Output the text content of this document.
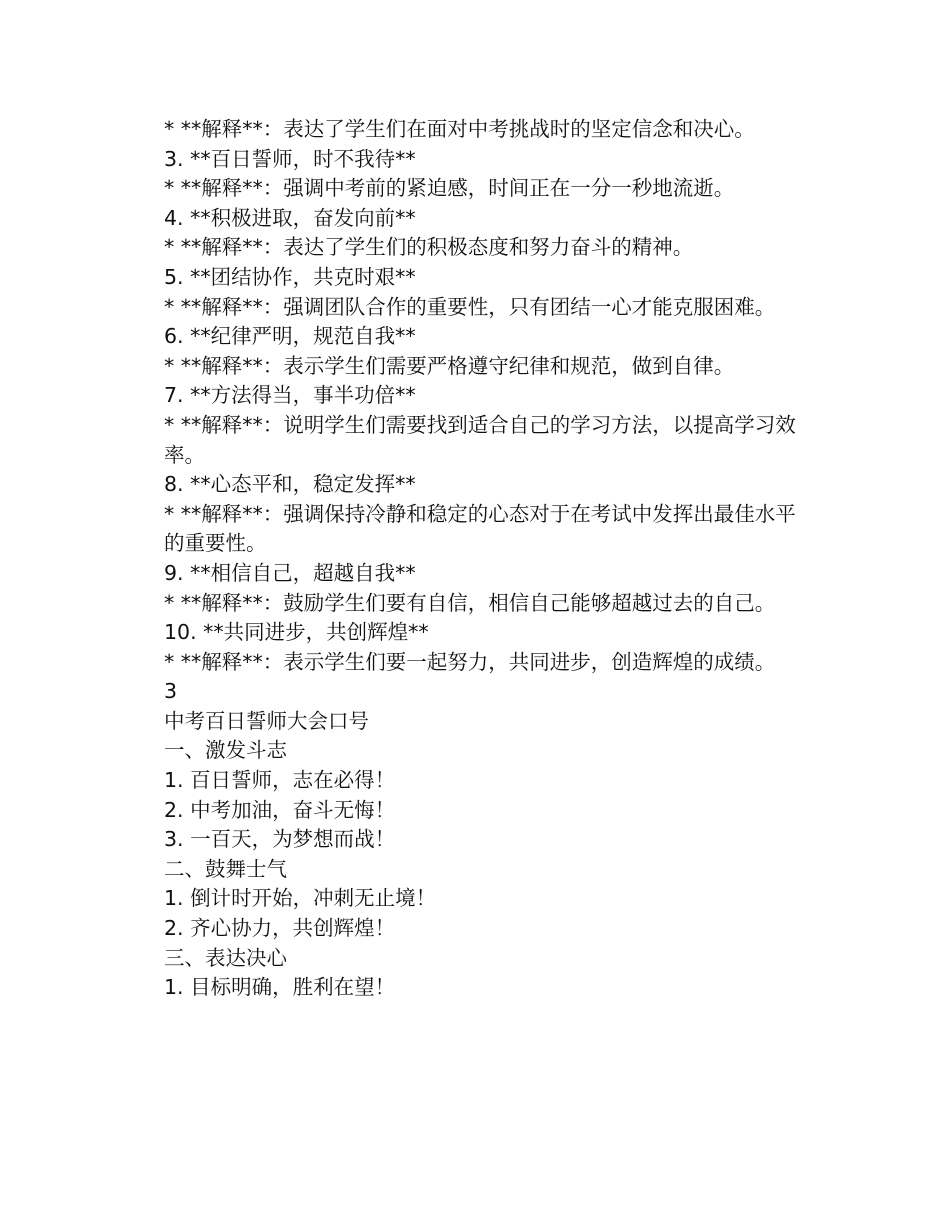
* **解释**：表达了学生们在面对中考挑战时的坚定信念和决心。

3. **百日誓师，时不我待**

* **解释**：强调中考前的紧迫感，时间正在一分一秒地流逝。

4. **积极进取，奋发向前**

* **解释**：表达了学生们的积极态度和努力奋斗的精神。

5. **团结协作，共克时艰**

* **解释**：强调团队合作的重要性，只有团结一心才能克服困难。

6. **纪律严明，规范自我**

* **解释**：表示学生们需要严格遵守纪律和规范，做到自律。

7. **方法得当，事半功倍**

* **解释**：说明学生们需要找到适合自己的学习方法，以提高学习效率。

8. **心态平和，稳定发挥**

* **解释**：强调保持冷静和稳定的心态对于在考试中发挥出最佳水平的重要性。

9. **相信自己，超越自我**

* **解释**：鼓励学生们要有自信，相信自己能够超越过去的自己。

10. **共同进步，共创辉煌**

* **解释**：表示学生们要一起努力，共同进步，创造辉煌的成绩。

3

中考百日誓师大会口号

一、激发斗志

1. 百日誓师，志在必得！

2. 中考加油，奋斗无悔！

3. 一百天，为梦想而战！

二、鼓舞士气

1. 倒计时开始，冲刺无止境！

2. 齐心协力，共创辉煌！

三、表达决心

1. 目标明确，胜利在望！
